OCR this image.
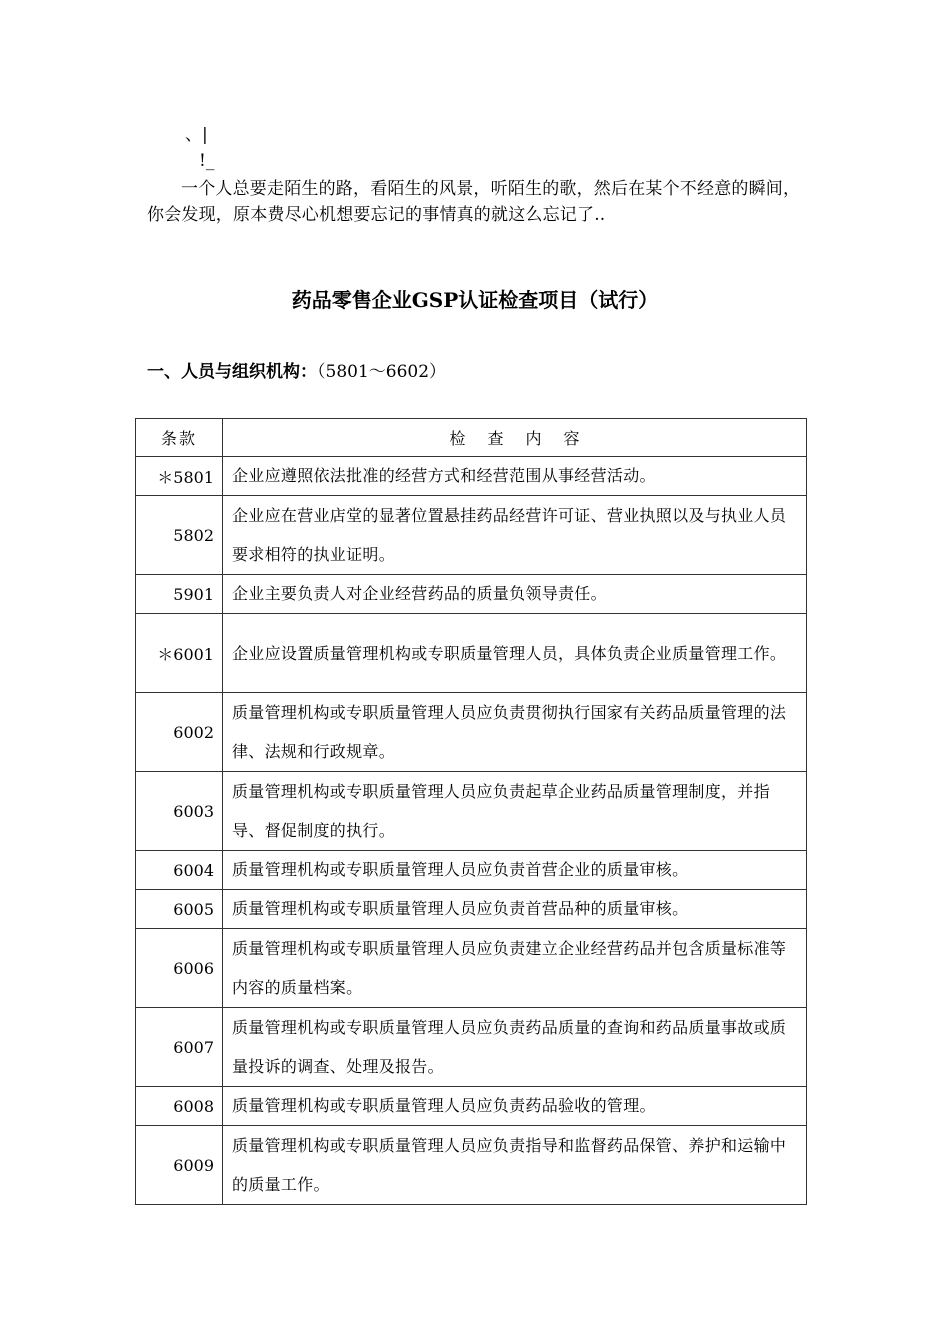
、|
!_

一个人总要走陌生的路，看陌生的风景，听陌生的歌，然后在某个不经意的瞬间，你会发现，原本费尽心机想要忘记的事情真的就这么忘记了..

药品零售企业GSP认证检查项目（试行）
一、人员与组织机构：（5801～6602）
条款	检查内容
＊5801	企业应遵照依法批准的经营方式和经营范围从事经营活动。
5802	企业应在营业店堂的显著位置悬挂药品经营许可证、营业执照以及与执业人员要求相符的执业证明。
5901	企业主要负责人对企业经营药品的质量负领导责任。
＊6001	企业应设置质量管理机构或专职质量管理人员，具体负责企业质量管理工作。
6002	质量管理机构或专职质量管理人员应负责贯彻执行国家有关药品质量管理的法律、法规和行政规章。
6003	质量管理机构或专职质量管理人员应负责起草企业药品质量管理制度，并指导、督促制度的执行。
6004	质量管理机构或专职质量管理人员应负责首营企业的质量审核。
6005	质量管理机构或专职质量管理人员应负责首营品种的质量审核。
6006	质量管理机构或专职质量管理人员应负责建立企业经营药品并包含质量标准等内容的质量档案。
6007	质量管理机构或专职质量管理人员应负责药品质量的查询和药品质量事故或质量投诉的调查、处理及报告。
6008	质量管理机构或专职质量管理人员应负责药品验收的管理。
6009	质量管理机构或专职质量管理人员应负责指导和监督药品保管、养护和运输中的质量工作。
